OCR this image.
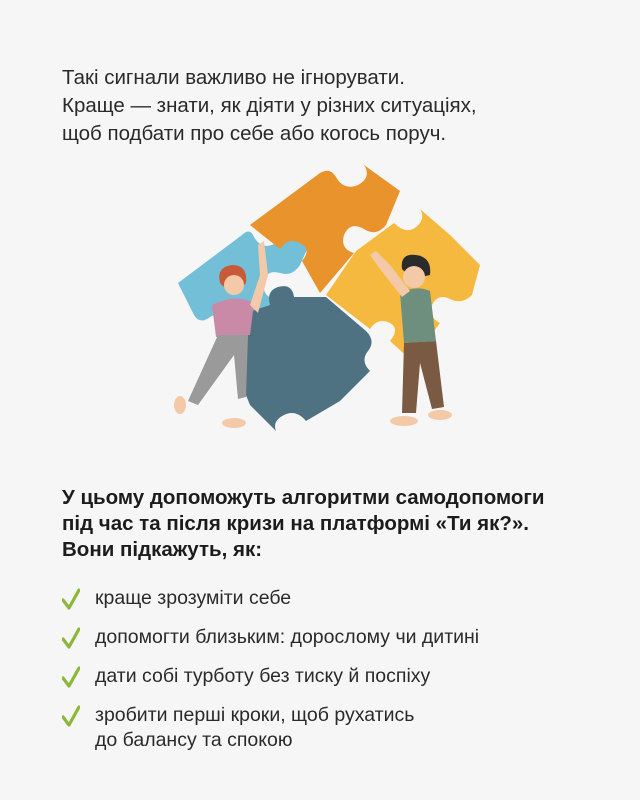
Такі сигнали важливо не ігнорувати.
Краще — знати, як діяти у різних ситуаціях,
щоб подбати про себе або когось поруч.
У цьому допоможуть алгоритми самодопомоги
під час та після кризи на платформі «Ти як?».
Вони підкажуть, як:
краще зрозуміти себе
допомогти близьким: дорослому чи дитині
дати собі турботу без тиску й поспіху
зробити перші кроки, щоб рухатись
до балансу та спокою
